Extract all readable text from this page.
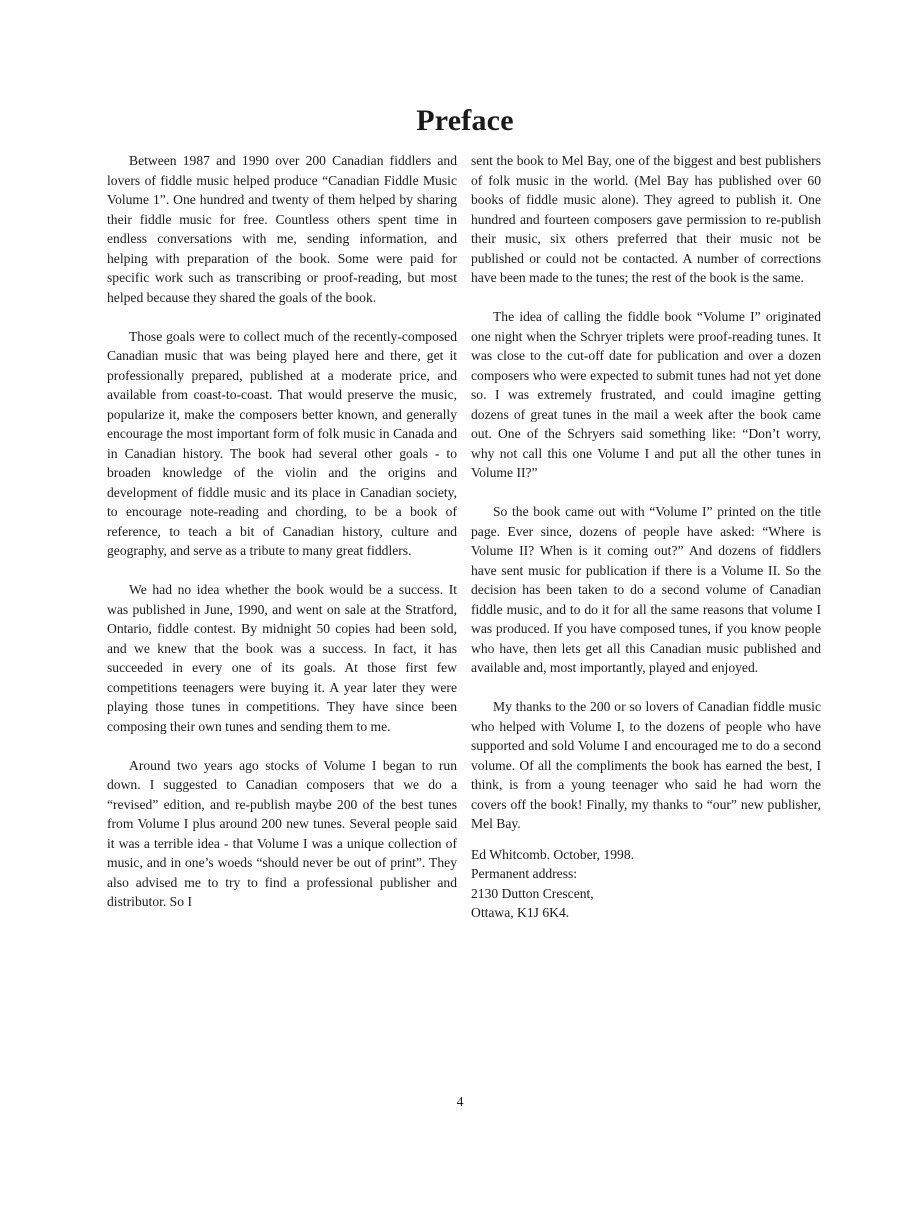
Preface

Between 1987 and 1990 over 200 Canadian fiddlers and lovers of fiddle music helped produce “Canadian Fiddle Music Volume 1”. One hundred and twenty of them helped by sharing their fiddle music for free. Countless others spent time in endless conversations with me, sending information, and helping with preparation of the book. Some were paid for specific work such as transcribing or proof-reading, but most helped because they shared the goals of the book.

Those goals were to collect much of the recently-composed Canadian music that was being played here and there, get it professionally prepared, published at a moderate price, and available from coast-to-coast. That would preserve the music, popularize it, make the composers better known, and generally encourage the most important form of folk music in Canada and in Canadian history. The book had several other goals - to broaden knowledge of the violin and the origins and development of fiddle music and its place in Canadian society, to encourage note-reading and chording, to be a book of reference, to teach a bit of Canadian history, culture and geography, and serve as a tribute to many great fiddlers.

We had no idea whether the book would be a success. It was published in June, 1990, and went on sale at the Stratford, Ontario, fiddle contest. By midnight 50 copies had been sold, and we knew that the book was a success. In fact, it has succeeded in every one of its goals. At those first few competitions teenagers were buying it. A year later they were playing those tunes in competitions. They have since been composing their own tunes and sending them to me.

Around two years ago stocks of Volume I began to run down. I suggested to Canadian composers that we do a “revised” edition, and re-publish maybe 200 of the best tunes from Volume I plus around 200 new tunes. Several people said it was a terrible idea - that Volume I was a unique collection of music, and in one’s woeds “should never be out of print”. They also advised me to try to find a professional publisher and distributor. So I

sent the book to Mel Bay, one of the biggest and best publishers of folk music in the world. (Mel Bay has published over 60 books of fiddle music alone). They agreed to publish it. One hundred and fourteen composers gave permission to re-publish their music, six others preferred that their music not be published or could not be contacted. A number of corrections have been made to the tunes; the rest of the book is the same.

The idea of calling the fiddle book “Volume I” originated one night when the Schryer triplets were proof-reading tunes. It was close to the cut-off date for publication and over a dozen composers who were expected to submit tunes had not yet done so. I was extremely frustrated, and could imagine getting dozens of great tunes in the mail a week after the book came out. One of the Schryers said something like: “Don’t worry, why not call this one Volume I and put all the other tunes in Volume II?”

So the book came out with “Volume I” printed on the title page. Ever since, dozens of people have asked: “Where is Volume II? When is it coming out?” And dozens of fiddlers have sent music for publication if there is a Volume II. So the decision has been taken to do a second volume of Canadian fiddle music, and to do it for all the same reasons that volume I was produced. If you have composed tunes, if you know people who have, then lets get all this Canadian music published and available and, most importantly, played and enjoyed.

My thanks to the 200 or so lovers of Canadian fiddle music who helped with Volume I, to the dozens of people who have supported and sold Volume I and encouraged me to do a second volume. Of all the compliments the book has earned the best, I think, is from a young teenager who said he had worn the covers off the book! Finally, my thanks to “our” new publisher, Mel Bay.

Ed Whitcomb. October, 1998.
Permanent address:
2130 Dutton Crescent,
Ottawa, K1J 6K4.
4
